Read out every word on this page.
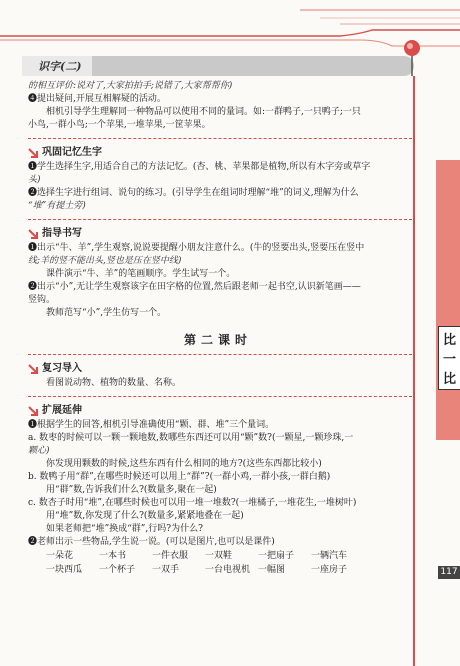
识字(二)
比
一
比
117
的相互评价:说对了,大家拍拍手;说错了,大家帮帮你)
❹提出疑问,开展互相解疑的活动。
相机引导学生理解同一种物品可以使用不同的量词。如:一群鸭子,一只鸭子;一只
小鸟,一群小鸟;一个苹果,一堆苹果,一筐苹果。
巩固记忆生字
❶学生选择生字,用适合自己的方法记忆。(杏、桃、苹果都是植物,所以有木字旁或草字
头)
❷选择生字进行组词、说句的练习。(引导学生在组词时理解“堆”的词义,理解为什么
“堆”有提土旁)
指导书写
❶出示“牛、羊”,学生观察,说说要提醒小朋友注意什么。(牛的竖要出头,竖要压在竖中
线;羊的竖不能出头,竖也是压在竖中线)
课件演示“牛、羊”的笔画顺序。学生试写一个。
❷出示“小”,无让学生观察该字在田字格的位置,然后跟老师一起书空,认识新笔画——
竖钩。
教师范写“小”,学生仿写一个。
第二课时
复习导入
看图说动物、植物的数量、名称。
扩展延伸
❶根据学生的回答,相机引导准确使用“颗、群、堆”三个量词。
a. 数枣的时候可以一颗一颗地数,数哪些东西还可以用“颗”数?(一颗星,一颗珍珠,一
颗心)
你发现用颗数的时候,这些东西有什么相同的地方?(这些东西都比较小)
b. 数鸭子用“群”,在哪些时候还可以用上“群”?(一群小鸡,一群小孩,一群白鹅)
用“群”数,告诉我们什么?(数量多,聚在一起)
c. 数杏子时用“堆”,在哪些时候也可以用一堆一堆数?(一堆橘子,一堆花生,一堆树叶)
用“堆”数,你发现了什么?(数量多,紧紧地叠在一起)
如果老师把“堆”换成“群”,行吗?为什么?
❷老师出示一些物品,学生说一说。(可以是图片,也可以是课件)
一朵花	一本书	一件衣服	一双鞋	一把扇子	一辆汽车
一块西瓜	一个杯子	一双手	一台电视机 一幅图	一座房子
